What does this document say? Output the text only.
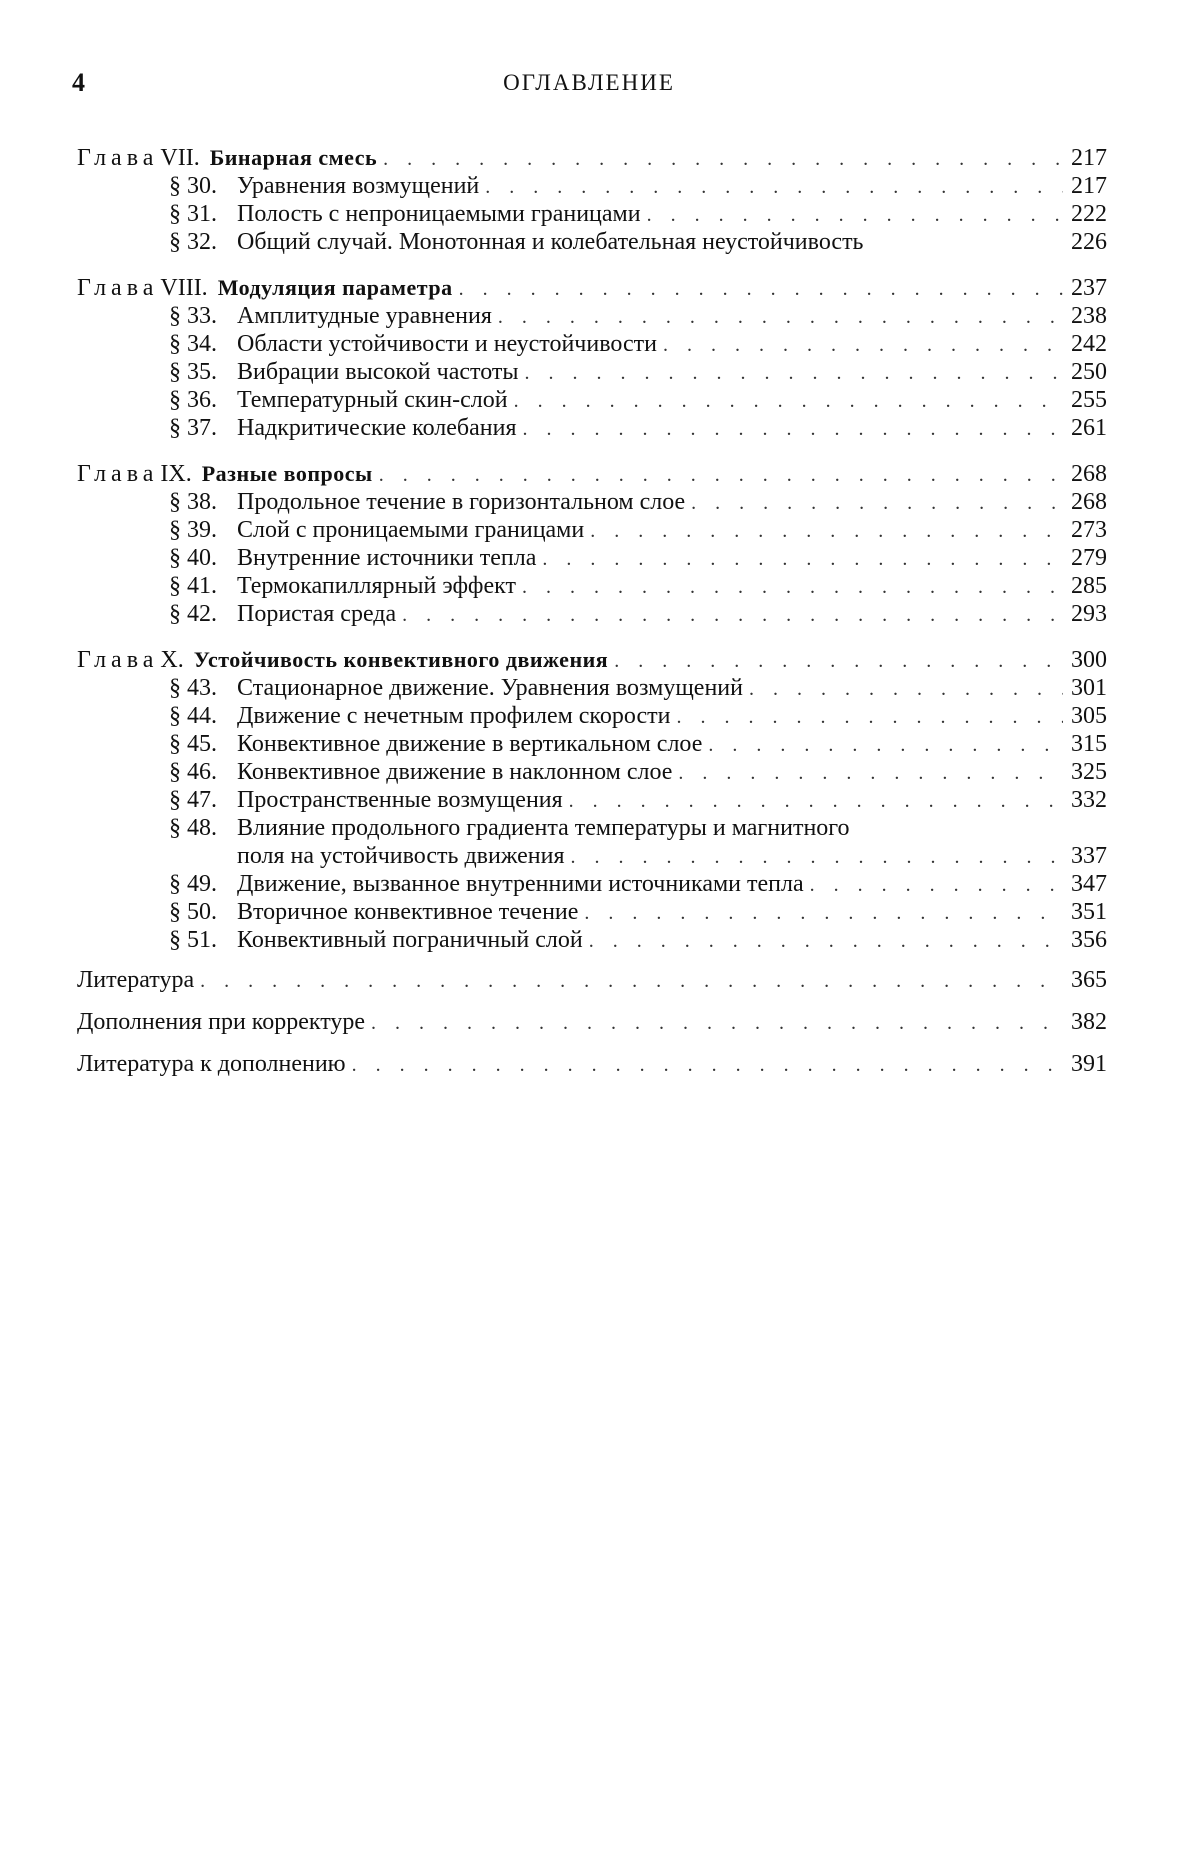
4	ОГЛАВЛЕНИЕ
Глава VII. Бинарная смесь . . .	217
§ 30. Уравнения возмущений . . .	217
§ 31. Полость с непроницаемыми границами . . .	222
§ 32. Общий случай. Монотонная и колебательная неустойчивость	226
Глава VIII. Модуляция параметра . . .	237
§ 33. Амплитудные уравнения . . .	238
§ 34. Области устойчивости и неустойчивости . . .	242
§ 35. Вибрации высокой частоты . . .	250
§ 36. Температурный скин-слой . . .	255
§ 37. Надкритические колебания . . .	261
Глава IX. Разные вопросы . . .	268
§ 38. Продольное течение в горизонтальном слое . . .	268
§ 39. Слой с проницаемыми границами . . .	273
§ 40. Внутренние источники тепла . . .	279
§ 41. Термокапиллярный эффект . . .	285
§ 42. Пористая среда . . .	293
Глава X. Устойчивость конвективного движения . . .	300
§ 43. Стационарное движение. Уравнения возмущений . . .	301
§ 44. Движение с нечетным профилем скорости . . .	305
§ 45. Конвективное движение в вертикальном слое . . .	315
§ 46. Конвективное движение в наклонном слое . . .	325
§ 47. Пространственные возмущения . . .	332
§ 48. Влияние продольного градиента температуры и магнитного
поля на устойчивость движения . . .	337
§ 49. Движение, вызванное внутренними источниками тепла . . .	347
§ 50. Вторичное конвективное течение . . .	351
§ 51. Конвективный пограничный слой . . .	356
Литература . . .	365
Дополнения при корректуре . . .	382
Литература к дополнению . . .	391
